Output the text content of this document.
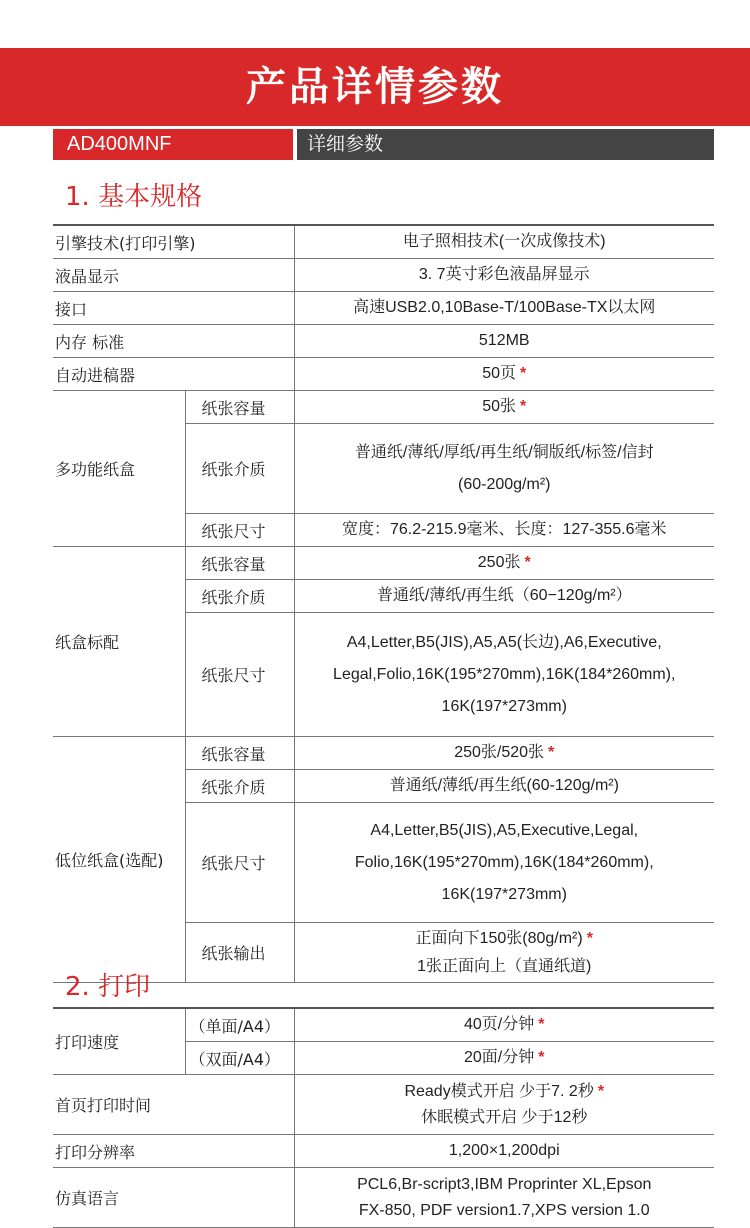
产品详情参数
AD400MNF	详细参数
1. 基本规格
引擎技术(打印引擎)		电子照相技术(一次成像技术)
液晶显示		3. 7英寸彩色液晶屏显示
接口		高速USB2.0,10Base-T/100Base-TX以太网
内存 标准		512MB
自动进稿器		50页 *
多功能纸盒	纸张容量	50张 *
	纸张介质	普通纸/薄纸/厚纸/再生纸/铜版纸/标签/信封
(60-200g/m²)

	纸张尺寸	宽度：76.2-215.9毫米、长度：127-355.6毫米
纸盒标配	纸张容量	250张 *
	纸张介质	普通纸/薄纸/再生纸（60−120g/m²）
	纸张尺寸	A4,Letter,B5(JIS),A5,A5(长边),A6,Executive,
Legal,Folio,16K(195*270mm),16K(184*260mm),
16K(197*273mm)

低位纸盒(选配)	纸张容量	250张/520张 *
	纸张介质	普通纸/薄纸/再生纸(60-120g/m²)
	纸张尺寸	A4,Letter,B5(JIS),A5,Executive,Legal,
Folio,16K(195*270mm),16K(184*260mm),
16K(197*273mm)

	纸张输出	正面向下150张(80g/m²) *
1张正面向上（直通纸道)
2. 打印
打印速度	（单面/A4）	40页/分钟 *
	（双面/A4）	20面/分钟 *
首页打印时间		Ready模式开启 少于7. 2秒 *
休眠模式开启 少于12秒

打印分辨率		1,200×1,200dpi
仿真语言		PCL6,Br-script3,IBM Proprinter XL,Epson
FX-850, PDF version1.7,XPS version 1.0
